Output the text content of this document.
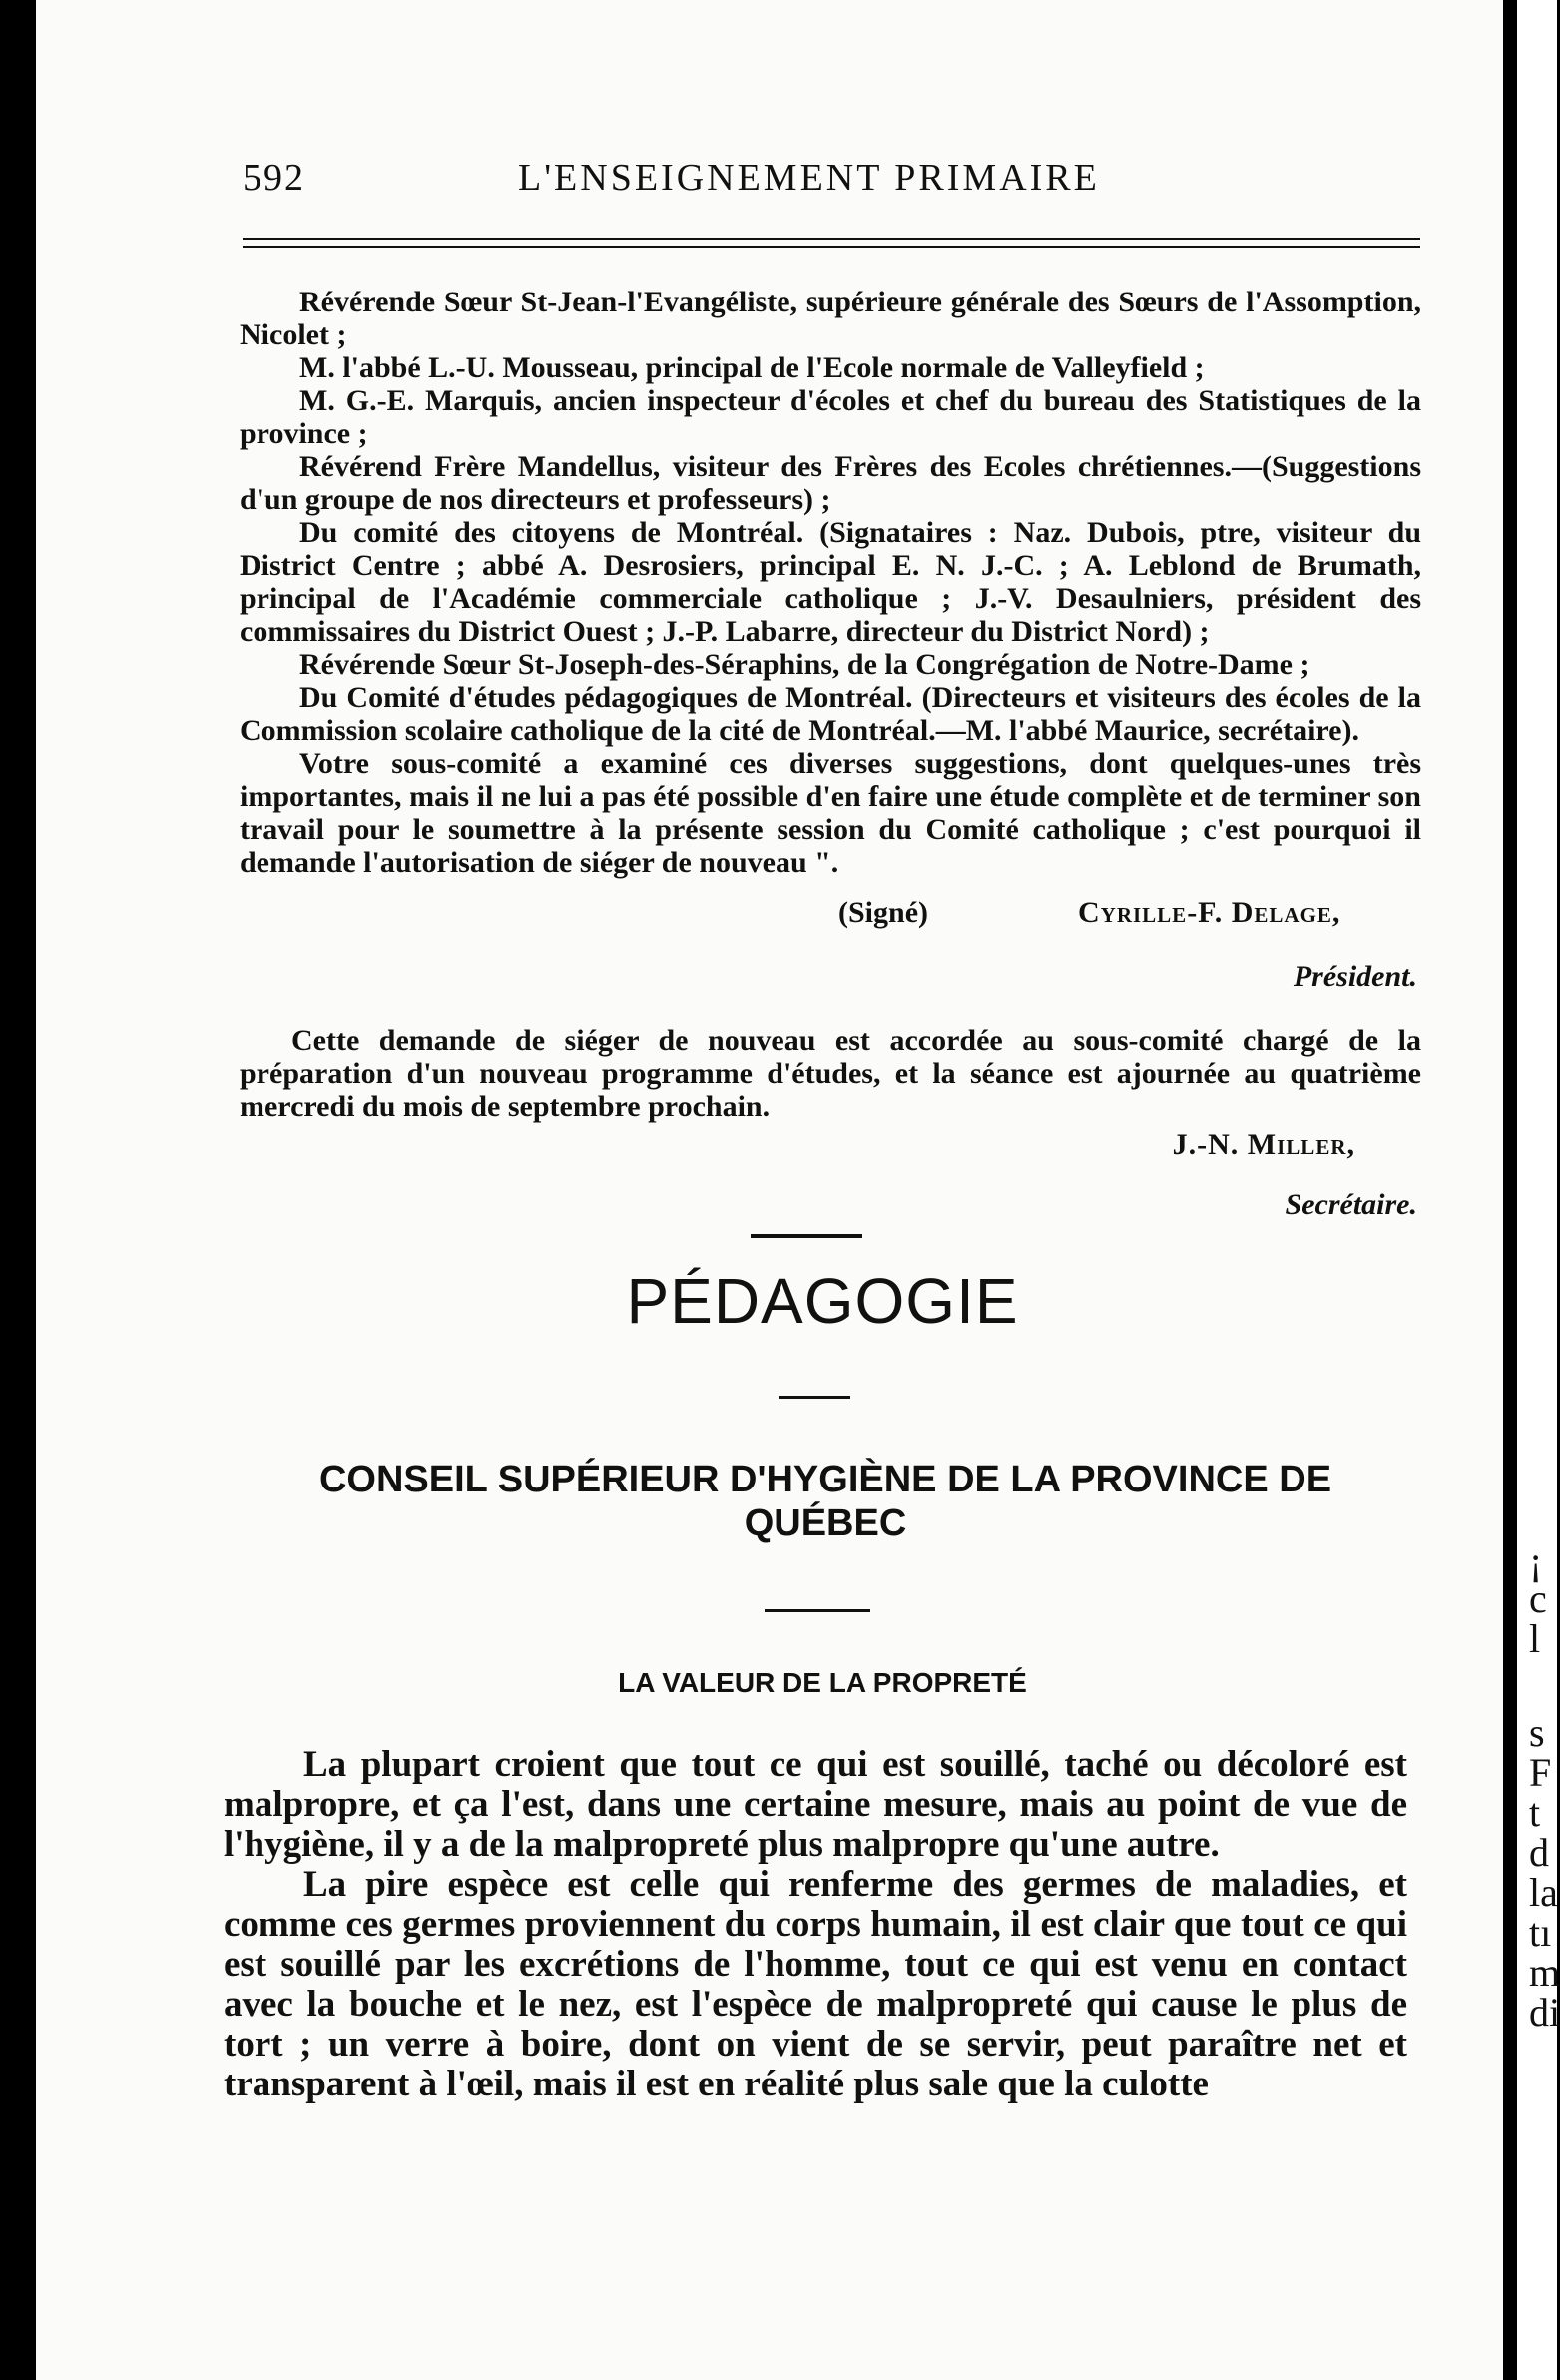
¡
c
l
s
F
t
d
la
tı
m
di
592	L'ENSEIGNEMENT PRIMAIRE

Révérende Sœur St-Jean-l'Evangéliste, supérieure générale des Sœurs de l'Assomption, Nicolet ;

M. l'abbé L.-U. Mousseau, principal de l'Ecole normale de Valleyfield ;

M. G.-E. Marquis, ancien inspecteur d'écoles et chef du bureau des Statistiques de la province ;

Révérend Frère Mandellus, visiteur des Frères des Ecoles chrétiennes.—(Suggestions d'un groupe de nos directeurs et professeurs) ;

Du comité des citoyens de Montréal. (Signataires : Naz. Dubois, ptre, visiteur du District Centre ; abbé A. Desrosiers, principal E. N. J.-C. ; A. Leblond de Brumath, principal de l'Académie commerciale catholique ; J.-V. Desaulniers, président des commissaires du District Ouest ; J.-P. Labarre, directeur du District Nord) ;

Révérende Sœur St-Joseph-des-Séraphins, de la Congrégation de Notre-Dame ;

Du Comité d'études pédagogiques de Montréal. (Directeurs et visiteurs des écoles de la Commission scolaire catholique de la cité de Montréal.—M. l'abbé Maurice, secrétaire).

Votre sous-comité a examiné ces diverses suggestions, dont quelques-unes très importantes, mais il ne lui a pas été possible d'en faire une étude complète et de terminer son travail pour le soumettre à la présente session du Comité catholique ; c'est pourquoi il demande l'autorisation de siéger de nouveau ".

(Signé)	Cyrille-F. Delage,
Président.

Cette demande de siéger de nouveau est accordée au sous-comité chargé de la préparation d'un nouveau programme d'études, et la séance est ajournée au quatrième mercredi du mois de septembre prochain.

J.-N. Miller,
Secrétaire.
PÉDAGOGIE
CONSEIL SUPÉRIEUR D'HYGIÈNE DE LA PROVINCE DE QUÉBEC
LA VALEUR DE LA PROPRETÉ

La plupart croient que tout ce qui est souillé, taché ou décoloré est malpropre, et ça l'est, dans une certaine mesure, mais au point de vue de l'hygiène, il y a de la malpropreté plus malpropre qu'une autre.

La pire espèce est celle qui renferme des germes de maladies, et comme ces germes proviennent du corps humain, il est clair que tout ce qui est souillé par les excrétions de l'homme, tout ce qui est venu en contact avec la bouche et le nez, est l'espèce de malpropreté qui cause le plus de tort ; un verre à boire, dont on vient de se servir, peut paraître net et transparent à l'œil, mais il est en réalité plus sale que la culotte
